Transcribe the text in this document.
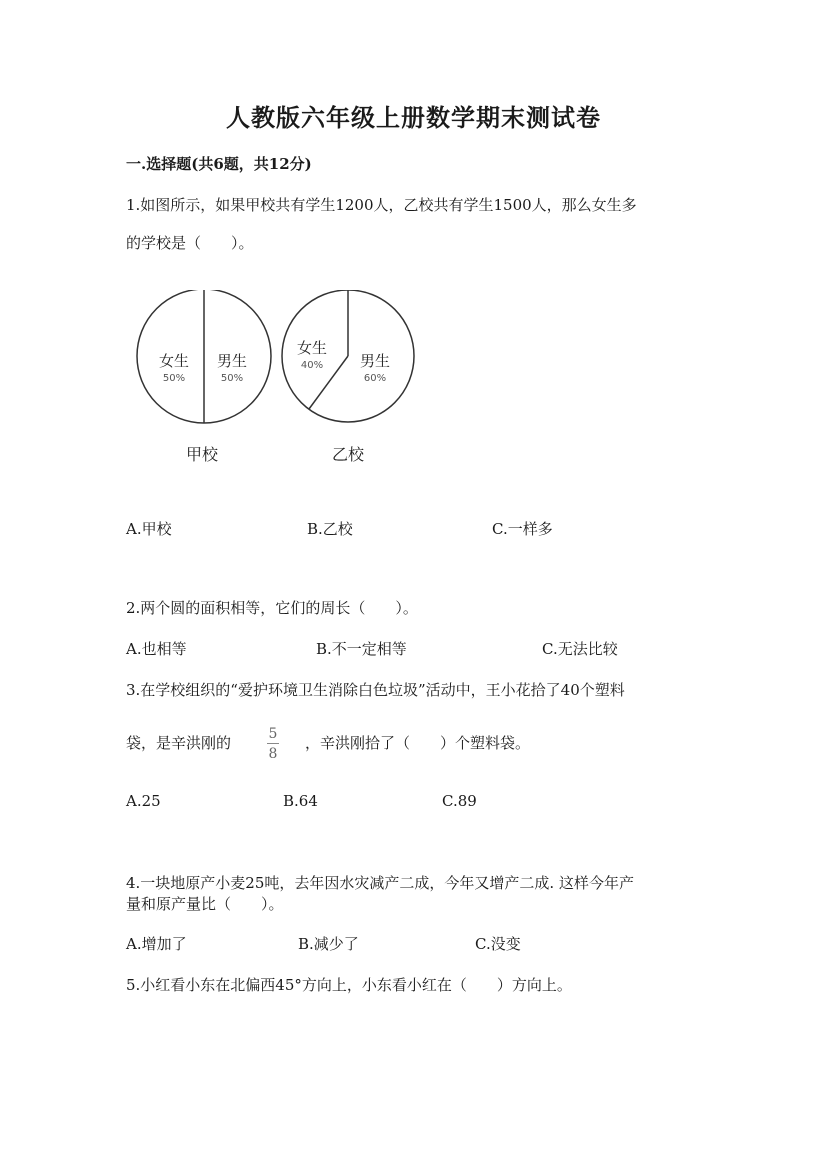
人教版六年级上册数学期末测试卷
一.选择题(共6题，共12分)
1.如图所示，如果甲校共有学生1200人，乙校共有学生1500人，那么女生多
的学校是（　　）。
女生
50%
男生
50%
甲校
女生
40% 男生
60%
乙校
A.甲校	B.乙校	C.一样多
2.两个圆的面积相等，它们的周长（　　）。
A.也相等	B.不一定相等	C.无法比较
3.在学校组织的“爱护环境卫生消除白色垃圾”活动中，王小花拾了40个塑料
袋，是辛洪刚的	5
8
，辛洪刚拾了（　　）个塑料袋。
A.25	B.64	C.89
4.一块地原产小麦25吨，去年因水灾减产二成，今年又增产二成. 这样今年产
量和原产量比（　　）。
A.增加了	B.减少了	C.没变
5.小红看小东在北偏西45°方向上，小东看小红在（　　）方向上。
